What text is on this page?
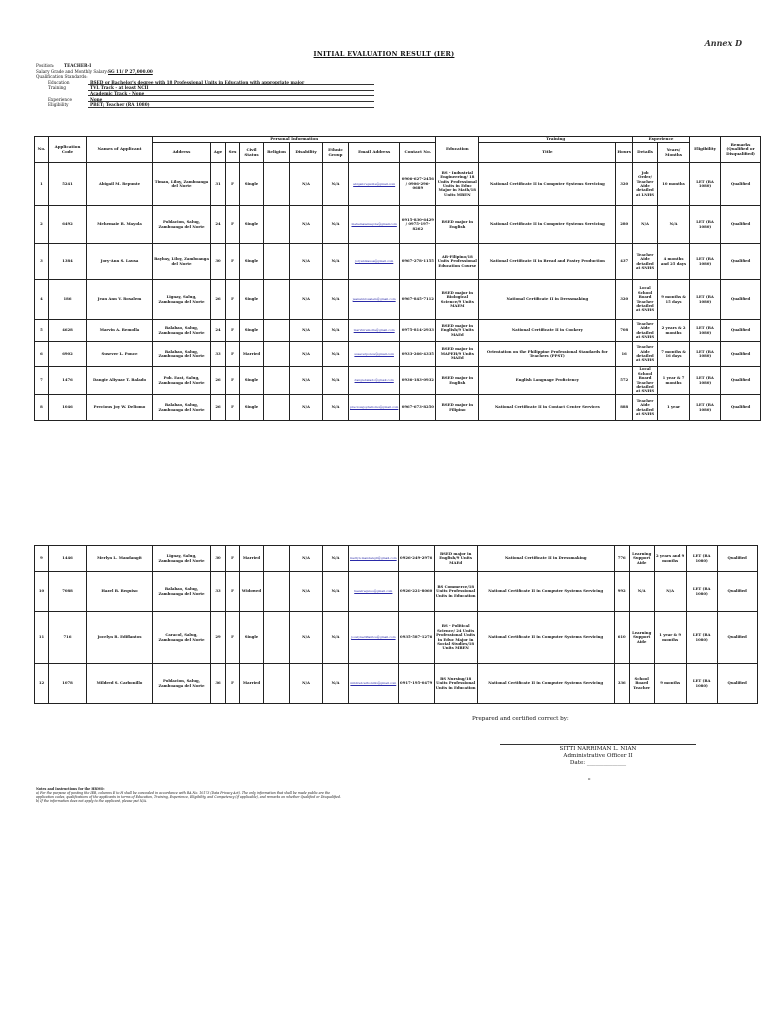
Annex D
INITIAL EVALUATION RESULT (IER)
Position: TEACHER-I
Salary Grade and Monthly Salary: SG 11/ P 27,000.00
Qualification Standards:
Education	BSED or Bachelor's degree with 18 Professional Units in Education with appropriate major
Training	TVL Track - at least NCII
Academic Track - None
Experience	None
Eligibility	PBET; Teacher (RA 1080)
No.	Application Code	Names of Applicant	Personal Information									Education	Training		Experience		Eligibility	Remarks (Qualified or Disqualified)
			Address	Age	Sex	Civil Status	Religion	Disability	Ethnic Group	Email Address	Contact No.		Title	Hours	Details	Years/ Months		
1	5241	Abigail M. Repunte	Timan, Liloy, Zamboanga del Norte	31	F	Single		N/A	N/A	abigail.repunte@gmail.com	0906-627-2456 / 0906-296-0689	BS - Industrial Engineering/ 18 Units Professional Units in Educ Major in Math/18 Units MBEN	National Certificate II in Computer Systems Servicing	320	Job Order/ Teacher Aide detailed at LNHS	10 months	LET (RA 1080)	Qualified
2	6492	Mehemaie R. Mayola	Poblacion, Salug, Zamboanga del Norte	24	F	Single		N/A	N/A	mehemaiemayola@gmail.com	0915-830-6429 / 0975-197-8262	BSED major in English	National Certificate II in Computer Systems Servicing	280	N/A	N/A	LET (RA 1080)	Qualified
3	1384	Jory-Ann S. Lausa	Baybay, Liloy, Zamboanga del Norte	30	F	Single		N/A	N/A	joryannlausa@gmail.com	0967-278-1155	AB-Filipino/18 Units Professional Education Course	National Certificate II in Bread and Pastry Production	437	Teacher Aide detailed at SNHS	4 months and 25 days	LET (RA 1080)	Qualified
4	186	Jean Ann V. Rosalem	Lignay, Salug, Zamboanga del Norte	26	F	Single		N/A	N/A	jeanannrosalem@gmail.com	0967-845-7112	BSED major in Biological Science/9 Units MAEM	National Certificate II in Dressmaking	320	Local School Board Teacher detailed at SNHS	9 months & 15 days	LET (RA 1080)	Qualified
5	4628	Marvin A. Remolla	Balabao, Salug, Zamboanga del Norte	24	F	Single		N/A	N/A	marvinremolla@gmail.com	0975-814-2933	BSED major in English/9 Units MAEd	National Certificate II in Cookery	708	Teacher Aide detailed at SNHS	2 years & 2 months	LET (RA 1080)	Qualified
6	6902	Susever L. Ponce	Balabao, Salug, Zamboanga del Norte	33	F	Married		N/A	N/A	suseverponce@gmail.com	0933-266-4335	BSED major in MAPEH/9 Units MAEd	Orientation on the Philippine Professional Standards for Teachers (PPST)	16	Teacher Aide detailed at SNHS	7 months & 16 days	LET (RA 1080)	Qualified
7	1476	Dangie Aliyuae T. Balado	Pob. East, Salug, Zamboanga del Norte	26	F	Single		N/A	N/A	dangiebalado@gmail.com	0936-183-0932	BSED major in English	English Language Proficiency	572	Local School Board Teacher detailed at SNHS	1 year & 7 months	LET (RA 1080)	Qualified
8	1046	Precious Joy W. Deliomo	Balabao, Salug, Zamboanga del Norte	26	F	Single		N/A	N/A	preciousjoydeliomo@gmail.com	0967-673-8250	BSED major in Filipino	National Certificate II in Contact Center Services	888	Teacher Aide detailed at SNHS	1 year	LET (RA 1080)	Qualified
9	1446	Merlyn L. Mandangit	Lignay, Salug, Zamboanga del Norte	30	F	Married		N/A	N/A	merlyn.mandangit@gmail.com	0926-249-2976	BSED major in English/9 Units MAEd	National Certificate II in Dressmaking	776	Learning Support Aide	2 years and 9 months	LET (RA 1080)	Qualified
10	7088	Hazel B. Requiso	Balabao, Salug, Zamboanga del Norte	33	F	Widowed		N/A	N/A	hazelrequiso@gmail.com	0926-221-8060	BS Commerce/18 Units Professional Units in Education	National Certificate II in Computer Systems Servicing	992	N/A	N/A	LET (RA 1080)	Qualified
11	716	Jocelyn R. Ediflantos	Caracol, Salug, Zamboanga del Norte	29	F	Single		N/A	N/A	jocelynediflantos@gmail.com	0935-587-1276	BS - Political Science/ 24 Units Professional Units in Educ Major in Social Studies/18 Units MBEN	National Certificate II in Computer Systems Servicing	610	Learning Support Aide	1 year & 9 months	LET (RA 1080)	Qualified
12	1078	Mildred S. Carbonillo	Poblacion, Salug, Zamboanga del Norte	36	F	Married		N/A	N/A	mildredcarbonillo@gmail.com	0917-195-0479	BS Nursing/18 Units Professional Units in Education	National Certificate II in Computer Systems Servicing	336	School Board Teacher	9 months	LET (RA 1080)	Qualified
Prepared and certified correct by:
SITTI NARRIMAN L. NIAN
Administrative Officer II
Date: ______________
o
Notes and Instructions for the HRMO:
a) For the purpose of posting the IER, columns E to H shall be concealed in accordance with RA No. 10173 (Data Privacy Act). The only information that shall be made public are the
application codes, qualifications of the applicants in terms of Education, Training, Experience, Eligibility, and Competency (if applicable), and remarks on whether Qualified or Disqualified.
b) If the information does not apply to the applicant, please put N/A.
